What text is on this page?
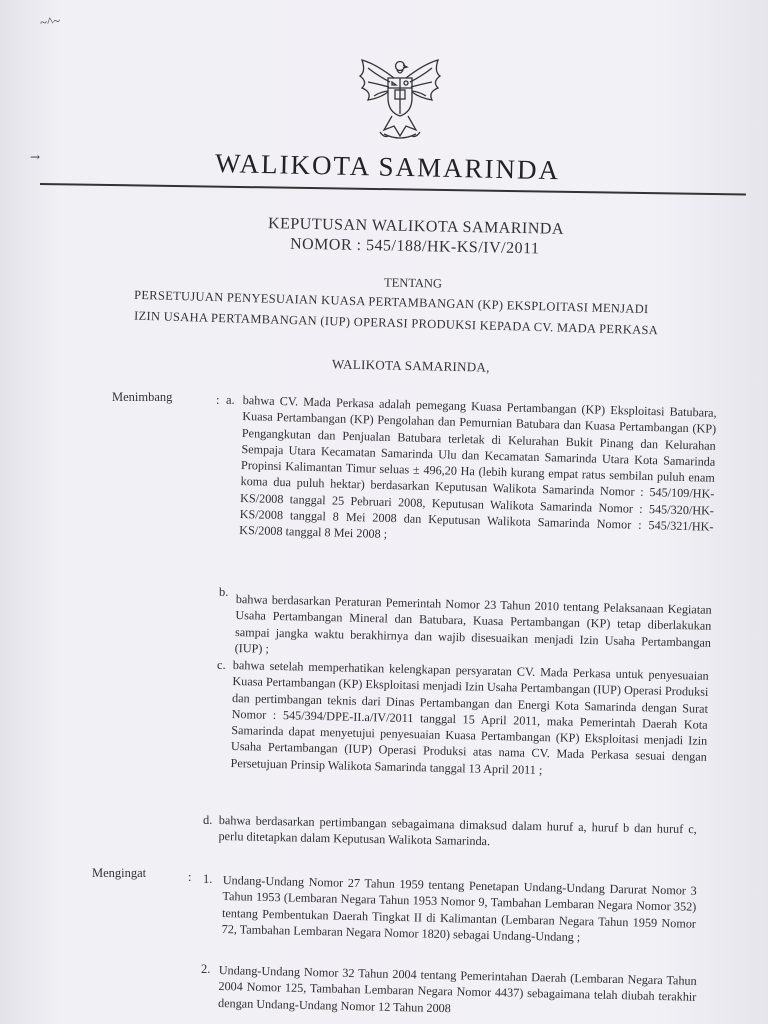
~^~
→	WALIKOTA SAMARINDA
KEPUTUSAN WALIKOTA SAMARINDA
NOMOR : 545/188/HK-KS/IV/2011
TENTANG
PERSETUJUAN PENYESUAIAN KUASA PERTAMBANGAN (KP) EKSPLOITASI MENJADI
IZIN USAHA PERTAMBANGAN (IUP) OPERASI PRODUKSI KEPADA CV. MADA PERKASA
WALIKOTA SAMARINDA,
Menimbang	: a. bahwa CV. Mada Perkasa adalah pemegang Kuasa Pertambangan (KP) Eksploitasi Batubara, Kuasa Pertambangan (KP) Pengolahan dan Pemurnian Batubara dan Kuasa Pertambangan (KP) Pengangkutan dan Penjualan Batubara terletak di Kelurahan Bukit Pinang dan Kelurahan Sempaja Utara Kecamatan Samarinda Ulu dan Kecamatan Samarinda Utara Kota Samarinda Propinsi Kalimantan Timur seluas ± 496,20 Ha (lebih kurang empat ratus sembilan puluh enam koma dua puluh hektar) berdasarkan Keputusan Walikota Samarinda Nomor : 545/109/HK-KS/2008 tanggal 25 Pebruari 2008, Keputusan Walikota Samarinda Nomor : 545/320/HK-KS/2008 tanggal 8 Mei 2008 dan Keputusan Walikota Samarinda Nomor : 545/321/HK-KS/2008 tanggal 8 Mei 2008 ;
b. bahwa berdasarkan Peraturan Pemerintah Nomor 23 Tahun 2010 tentang Pelaksanaan Kegiatan Usaha Pertambangan Mineral dan Batubara, Kuasa Pertambangan (KP) tetap diberlakukan sampai jangka waktu berakhirnya dan wajib disesuaikan menjadi Izin Usaha Pertambangan (IUP) ;
c. bahwa setelah memperhatikan kelengkapan persyaratan CV. Mada Perkasa untuk penyesuaian Kuasa Pertambangan (KP) Eksploitasi menjadi Izin Usaha Pertambangan (IUP) Operasi Produksi dan pertimbangan teknis dari Dinas Pertambangan dan Energi Kota Samarinda dengan Surat Nomor : 545/394/DPE-II.a/IV/2011 tanggal 15 April 2011, maka Pemerintah Daerah Kota Samarinda dapat menyetujui penyesuaian Kuasa Pertambangan (KP) Eksploitasi menjadi Izin Usaha Pertambangan (IUP) Operasi Produksi atas nama CV. Mada Perkasa sesuai dengan Persetujuan Prinsip Walikota Samarinda tanggal 13 April 2011 ;
d. bahwa berdasarkan pertimbangan sebagaimana dimaksud dalam huruf a, huruf b dan huruf c, perlu ditetapkan dalam Keputusan Walikota Samarinda.
Mengingat	: 1. Undang-Undang Nomor 27 Tahun 1959 tentang Penetapan Undang-Undang Darurat Nomor 3 Tahun 1953 (Lembaran Negara Tahun 1953 Nomor 9, Tambahan Lembaran Negara Nomor 352) tentang Pembentukan Daerah Tingkat II di Kalimantan (Lembaran Negara Tahun 1959 Nomor 72, Tambahan Lembaran Negara Nomor 1820) sebagai Undang-Undang ;
2. Undang-Undang Nomor 32 Tahun 2004 tentang Pemerintahan Daerah (Lembaran Negara Tahun 2004 Nomor 125, Tambahan Lembaran Negara Nomor 4437) sebagaimana telah diubah terakhir dengan Undang-Undang Nomor 12 Tahun 2008
